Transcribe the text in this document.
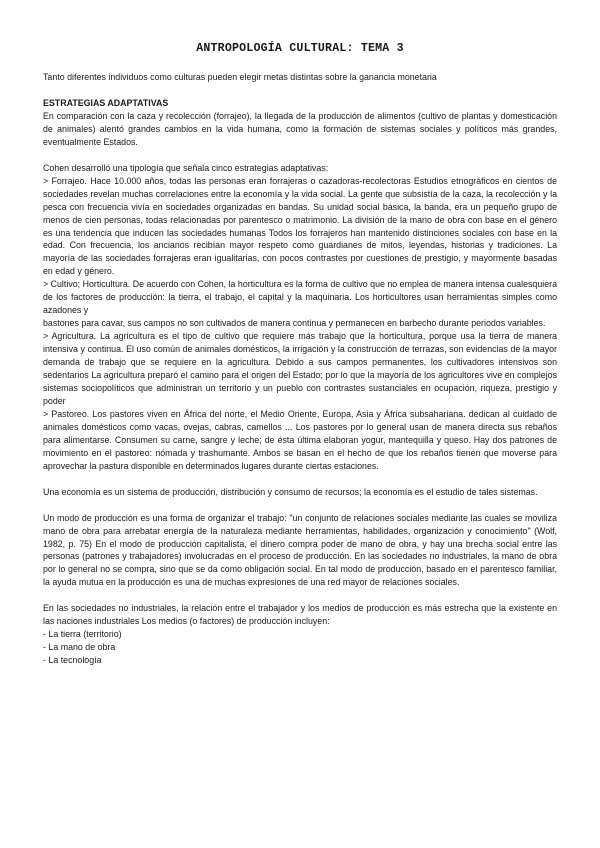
ANTROPOLOGÍA CULTURAL: TEMA 3

Tanto diferentes individuos como culturas pueden elegir metas distintas sobre la ganancia monetaria

ESTRATEGIAS ADAPTATIVAS

En comparación con la caza y recolección (forrajeo), la llegada de la producción de alimentos (cultivo de plantas y domesticación de animales) alentó grandes cambios en la vida humana, como la formación de sistemas sociales y políticos más grandes, eventualmente Estados.

Cohen desarrolló una tipología que señala cinco estrategias adaptativas:

> Forrajeo. Hace 10.000 años, todas las personas eran forrajeras o cazadoras-recolectoras Estudios etnográficos en cientos de sociedades revelan muchas correlaciones entre la economía y la vida social. La gente que subsistía de la caza, la recolección y la pesca con frecuencia vivía en sociedades organizadas en bandas. Su unidad social básica, la banda, era un pequeño grupo de menos de cien personas, todas relacionadas por parentesco o matrimonio. La división de la mano de obra con base en el género es una tendencia que inducen las sociedades humanas Todos los forrajeros han mantenido distinciones sociales con base en la edad. Con frecuencia, los ancianos recibían mayor respeto como guardianes de mitos, leyendas, historias y tradiciones. La mayoría de las sociedades forrajeras eran igualitarias, con pocos contrastes por cuestiones de prestigio, y mayormente basadas en edad y género.

> Cultivo; Horticultura. De acuerdo con Cohen, la horticultura es la forma de cultivo que no emplea de manera intensa cualesquiera de los factores de producción: la tierra, el trabajo, el capital y la maquinaria. Los horticultores usan herramientas simples como azadones y

bastones para cavar, sus campos no son cultivados de manera continua y permanecen en barbecho durante periodos variables.

> Agricultura. La agricultura es el tipo de cultivo que requiere más trabajo que la horticultura, porque usa la tierra de manera intensiva y continua. El uso común de animales domésticos, la irrigación y la construcción de terrazas, son evidencias de la mayor demanda de trabajo que se requiere en la agricultura. Debido a sus campos permanentes, los cultivadores intensivos son sedentarios La agricultura preparó el camino para el origen del Estado; por lo que la mayoría de los agricultores vive en complejos sistemas sociopolíticos que administran un territorio y un pueblo con contrastes sustanciales en ocupación, riqueza, prestigio y poder

> Pastoreo. Los pastores viven en África del norte, el Medio Oriente, Europa, Asia y África subsahariana. dedican al cuidado de animales domésticos como vacas, ovejas, cabras, camellos ... Los pastores por lo general usan de manera directa sus rebaños para alimentarse. Consumen su carne, sangre y leche; de ésta última elaboran yogur, mantequilla y queso. Hay dos patrones de movimiento en el pastoreo: nómada y trashumante. Ambos se basan en el hecho de que los rebaños tienen que moverse para aprovechar la pastura disponible en determinados lugares durante ciertas estaciones.

Una economía es un sistema de producción, distribución y consumo de recursos; la economía es el estudio de tales sistemas.

Un modo de producción es una forma de organizar el trabajo: "un conjunto de relaciones sociales mediante las cuales se moviliza mano de obra para arrebatar energía de la naturaleza mediante herramientas, habilidades, organización y conocimiento" (Wolf, 1982, p. 75) En el modo de producción capitalista, el dinero compra poder de mano de obra, y hay una brecha social entre las personas (patrones y trabajadores) involucradas en el proceso de producción. En las sociedades no industriales, la mano de obra por lo general no se compra, sino que se da como obligación social. En tal modo de producción, basado en el parentesco familiar, la ayuda mutua en la producción es una de muchas expresiones de una red mayor de relaciones sociales.

En las sociedades no industriales, la relación entre el trabajador y los medios de producción es más estrecha que la existente en las naciones industriales Los medios (o factores) de producción incluyen:

- La tierra (territorio)

- La mano de obra

- La tecnología
